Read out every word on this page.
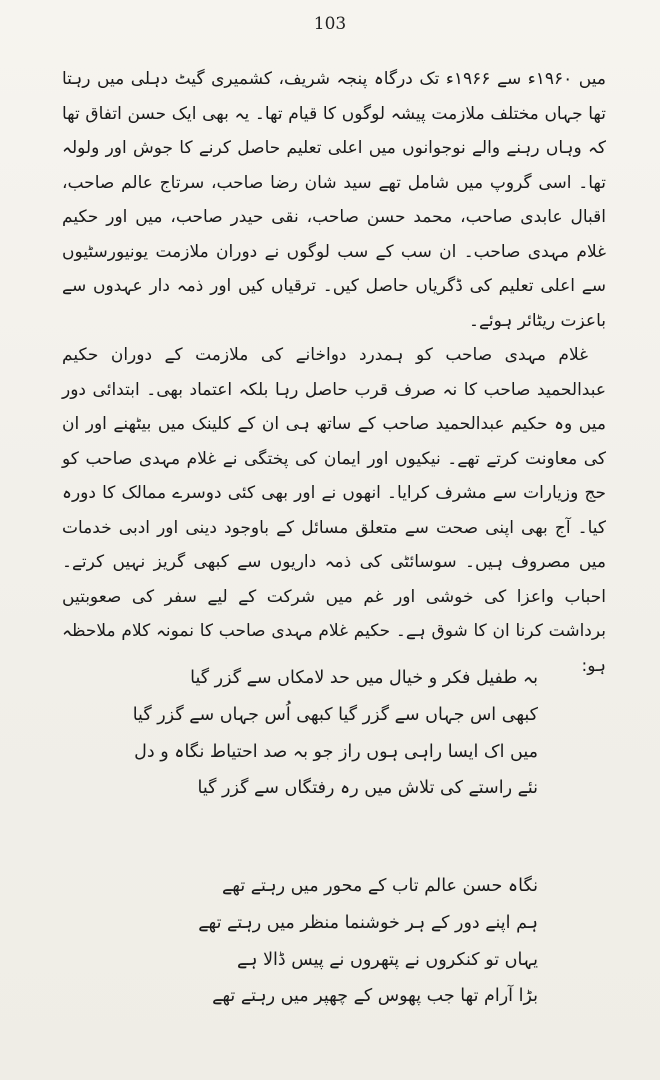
103

میں ۱۹۶۰ء سے ۱۹۶۶ء تک درگاہ پنجہ شریف، کشمیری گیٹ دہلی میں رہتا تھا جہاں مختلف ملازمت پیشہ لوگوں کا قیام تھا۔ یہ بھی ایک حسن اتفاق تھا کہ وہاں رہنے والے نوجوانوں میں اعلی تعلیم حاصل کرنے کا جوش اور ولولہ تھا۔ اسی گروپ میں شامل تھے سید شان رضا صاحب، سرتاج عالم صاحب، اقبال عابدی صاحب، محمد حسن صاحب، نقی حیدر صاحب، میں اور حکیم غلام مہدی صاحب۔ ان سب کے سب لوگوں نے دوران ملازمت یونیورسٹیوں سے اعلی تعلیم کی ڈگریاں حاصل کیں۔ ترقیاں کیں اور ذمہ دار عہدوں سے باعزت ریٹائر ہوئے۔

غلام مہدی صاحب کو ہمدرد دواخانے کی ملازمت کے دوران حکیم عبدالحمید صاحب کا نہ صرف قرب حاصل رہا بلکہ اعتماد بھی۔ ابتدائی دور میں وہ حکیم عبدالحمید صاحب کے ساتھ ہی ان کے کلینک میں بیٹھنے اور ان کی معاونت کرتے تھے۔ نیکیوں اور ایمان کی پختگی نے غلام مہدی صاحب کو حج وزیارات سے مشرف کرایا۔ انھوں نے اور بھی کئی دوسرے ممالک کا دورہ کیا۔ آج بھی اپنی صحت سے متعلق مسائل کے باوجود دینی اور ادبی خدمات میں مصروف ہیں۔ سوسائٹی کی ذمہ داریوں سے کبھی گریز نہیں کرتے۔ احباب واعزا کی خوشی اور غم میں شرکت کے لیے سفر کی صعوبتیں برداشت کرنا ان کا شوق ہے۔ حکیم غلام مہدی صاحب کا نمونہ کلام ملاحظہ ہو:

بہ طفیل فکر و خیال میں حد لامکاں سے گزر گیا
کبھی اس جہاں سے گزر گیا کبھی اُس جہاں سے گزر گیا
میں اک ایسا راہی ہوں راز جو بہ صد احتیاط نگاہ و دل
نئے راستے کی تلاش میں رہ رفتگاں سے گزر گیا
نگاہ حسن عالم تاب کے محور میں رہتے تھے
ہم اپنے دور کے ہر خوشنما منظر میں رہتے تھے
یہاں تو کنکروں نے پتھروں نے پیس ڈالا ہے
بڑا آرام تھا جب پھوس کے چھپر میں رہتے تھے
